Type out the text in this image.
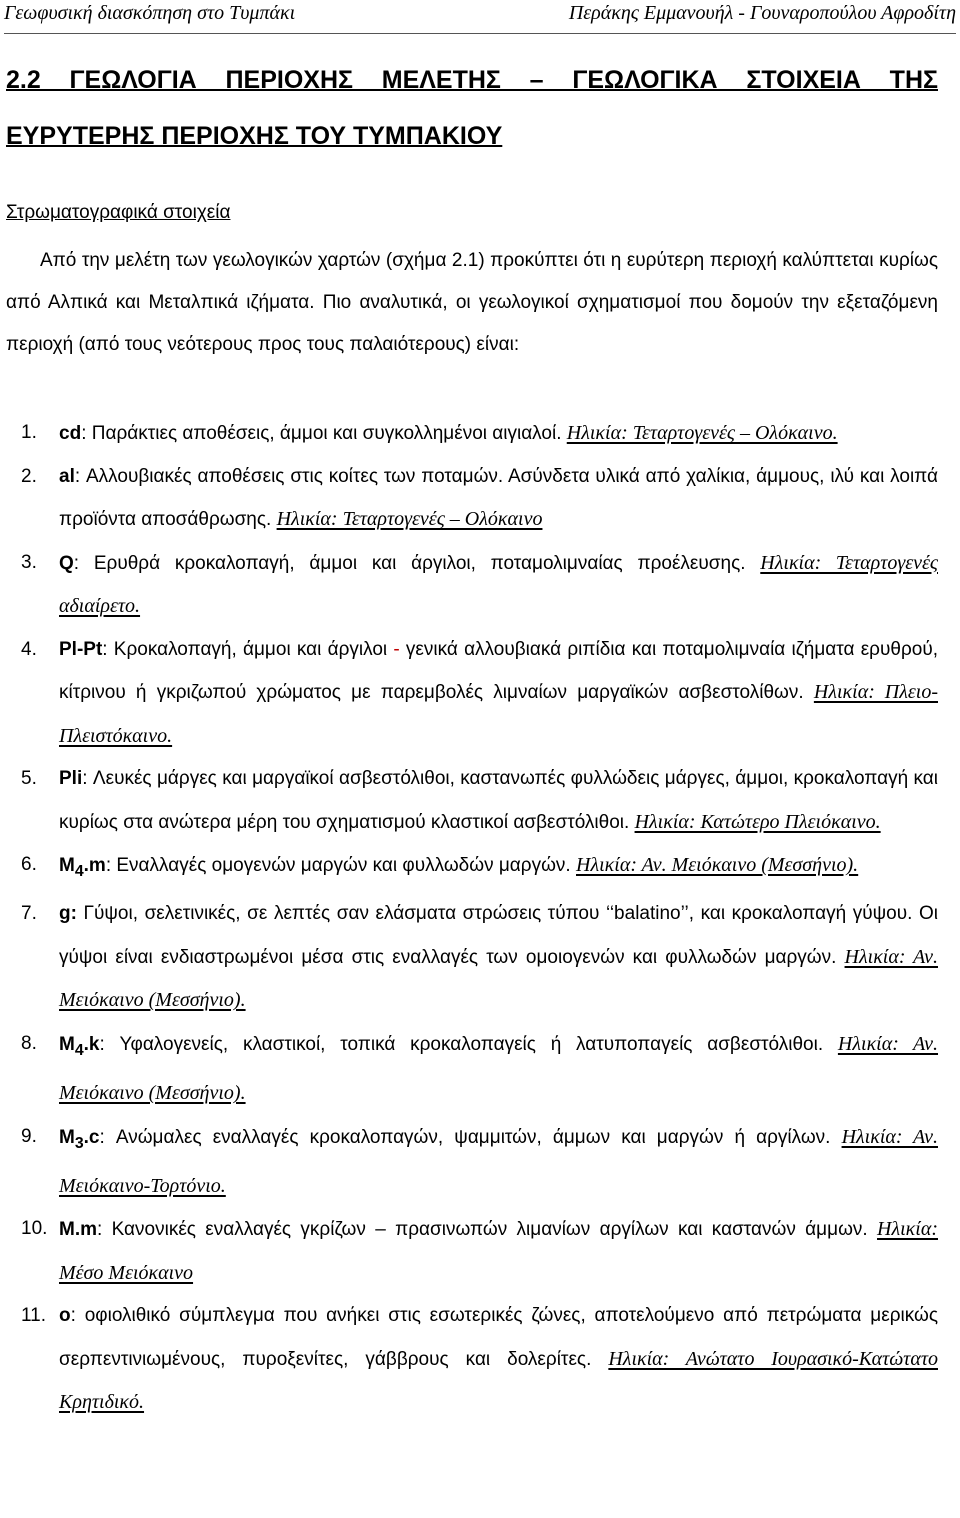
Γεωφυσική διασκόπηση στο Τυμπάκι	Περάκης Εμμανουήλ - Γουναροπούλου Αφροδίτη
2.2 ΓΕΩΛΟΓΙΑ ΠΕΡΙΟΧΗΣ ΜΕΛΕΤΗΣ – ΓΕΩΛΟΓΙΚΑ ΣΤΟΙΧΕΙΑ ΤΗΣ ΕΥΡΥΤΕΡΗΣ ΠΕΡΙΟΧΗΣ ΤΟΥ ΤΥΜΠΑΚΙΟΥ
Στρωματογραφικά στοιχεία

Από την μελέτη των γεωλογικών χαρτών (σχήμα 2.1) προκύπτει ότι η ευρύτερη περιοχή καλύπτεται κυρίως από Αλπικά και Μεταλπικά ιζήματα. Πιο αναλυτικά, οι γεωλογικοί σχηματισμοί που δομούν την εξεταζόμενη περιοχή (από τους νεότερους προς τους παλαιότερους) είναι:

1. cd: Παράκτιες αποθέσεις, άμμοι και συγκολλημένοι αιγιαλοί. Ηλικία: Τεταρτογενές – Ολόκαινο.
2. al: Αλλουβιακές αποθέσεις στις κοίτες των ποταμών. Ασύνδετα υλικά από χαλίκια, άμμους, ιλύ και λοιπά προϊόντα αποσάθρωσης. Ηλικία: Τεταρτογενές – Ολόκαινο
3. Q: Ερυθρά κροκαλοπαγή, άμμοι και άργιλοι, ποταμολιμναίας προέλευσης. Ηλικία: Τεταρτογενές αδιαίρετο.
4. Pl-Pt: Κροκαλοπαγή, άμμοι και άργιλοι - γενικά αλλουβιακά ριπίδια και ποταμολιμναία ιζήματα ερυθρού, κίτρινου ή γκριζωπού χρώματος με παρεμβολές λιμναίων μαργαϊκών ασβεστολίθων. Ηλικία: Πλειο-Πλειστόκαινο.
5. Pli: Λευκές μάργες και μαργαϊκοί ασβεστόλιθοι, καστανωπές φυλλώδεις μάργες, άμμοι, κροκαλοπαγή και κυρίως στα ανώτερα μέρη του σχηματισμού κλαστικοί ασβεστόλιθοι. Ηλικία: Κατώτερο Πλειόκαινο.
6. $M_4.m$: Εναλλαγές ομογενών μαργών και φυλλωδών μαργών. Ηλικία: Αν. Μειόκαινο (Μεσσήνιο).
7. g: Γύψοι, σελετινικές, σε λεπτές σαν ελάσματα στρώσεις τύπου ‘‘balatino’’, και κροκαλοπαγή γύψου. Οι γύψοι είναι ενδιαστρωμένοι μέσα στις εναλλαγές των ομοιογενών και φυλλωδών μαργών. Ηλικία: Αν. Μειόκαινο (Μεσσήνιο).
8. $M_4.k$: Υφαλογενείς, κλαστικοί, τοπικά κροκαλοπαγείς ή λατυποπαγείς ασβεστόλιθοι. Ηλικία: Αν. Μειόκαινο (Μεσσήνιο).
9. $M_3.c$: Ανώμαλες εναλλαγές κροκαλοπαγών, ψαμμιτών, άμμων και μαργών ή αργίλων. Ηλικία: Αν. Μειόκαινο-Τορτόνιο.
10. M.m: Κανονικές εναλλαγές γκρίζων – πρασινωπών λιμανίων αργίλων και καστανών άμμων. Ηλικία: Μέσο Μειόκαινο
11. o: οφιολιθικό σύμπλεγμα που ανήκει στις εσωτερικές ζώνες, αποτελούμενο από πετρώματα μερικώς σερπεντινιωμένους, πυροξενίτες, γάββρους και δολερίτες. Ηλικία: Ανώτατο Ιουρασικό-Κατώτατο Κρητιδικό.
